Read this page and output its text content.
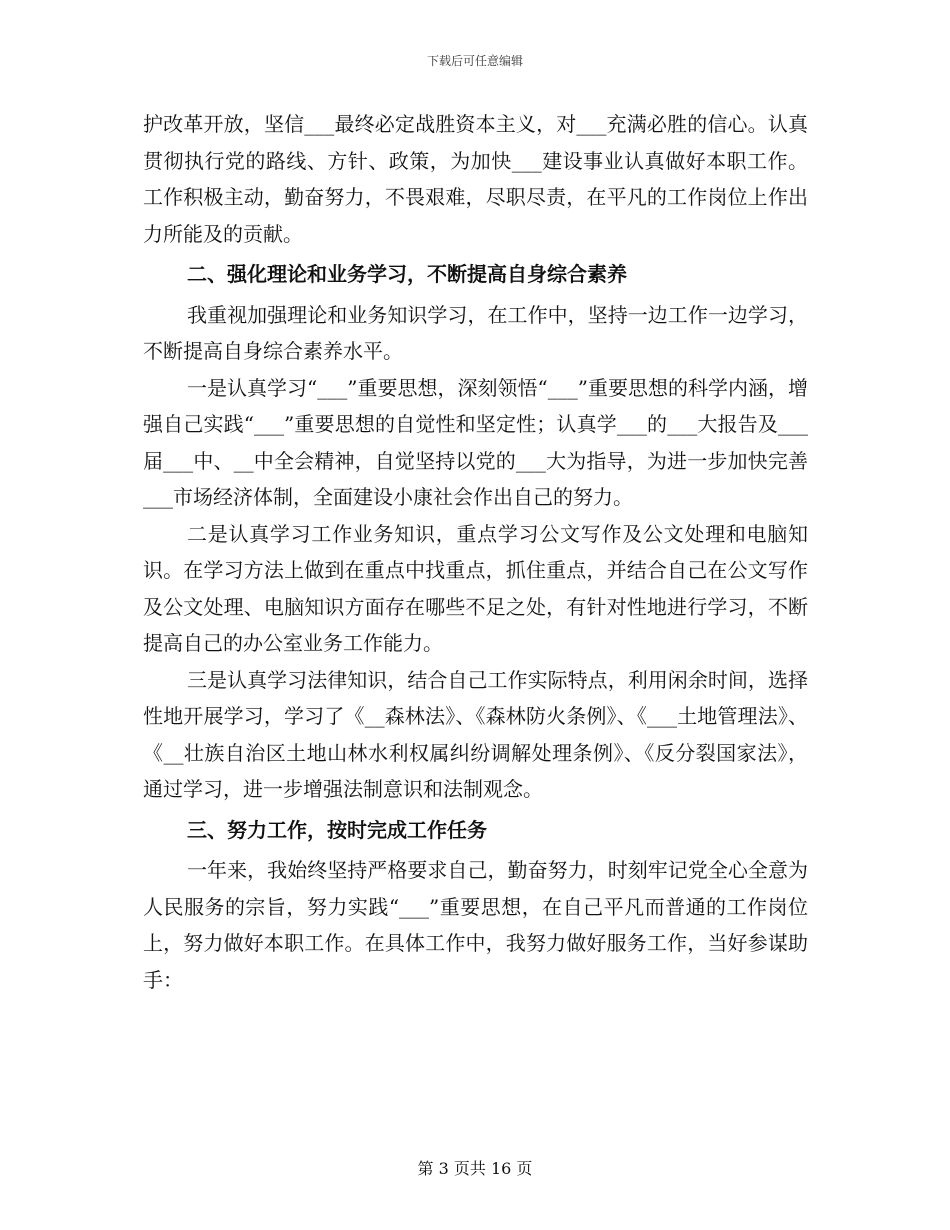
下载后可任意编辑

护改革开放，坚信___最终必定战胜资本主义，对___充满必胜的信心。认真贯彻执行党的路线、方针、政策，为加快___建设事业认真做好本职工作。工作积极主动，勤奋努力，不畏艰难，尽职尽责，在平凡的工作岗位上作出力所能及的贡献。

二、强化理论和业务学习，不断提高自身综合素养

我重视加强理论和业务知识学习，在工作中，坚持一边工作一边学习，不断提高自身综合素养水平。

一是认真学习“___”重要思想，深刻领悟“___”重要思想的科学内涵，增强自己实践“___”重要思想的自觉性和坚定性；认真学___的___大报告及___届___中、__中全会精神，自觉坚持以党的___大为指导，为进一步加快完善___市场经济体制，全面建设小康社会作出自己的努力。

二是认真学习工作业务知识，重点学习公文写作及公文处理和电脑知识。在学习方法上做到在重点中找重点，抓住重点，并结合自己在公文写作及公文处理、电脑知识方面存在哪些不足之处，有针对性地进行学习，不断提高自己的办公室业务工作能力。

三是认真学习法律知识，结合自己工作实际特点，利用闲余时间，选择性地开展学习，学习了《__森林法》、《森林防火条例》、《___土地管理法》、《__壮族自治区土地山林水利权属纠纷调解处理条例》、《反分裂国家法》，通过学习，进一步增强法制意识和法制观念。

三、努力工作，按时完成工作任务

一年来，我始终坚持严格要求自己，勤奋努力，时刻牢记党全心全意为人民服务的宗旨，努力实践“___”重要思想，在自己平凡而普通的工作岗位上，努力做好本职工作。在具体工作中，我努力做好服务工作，当好参谋助手：

第 3 页共 16 页
